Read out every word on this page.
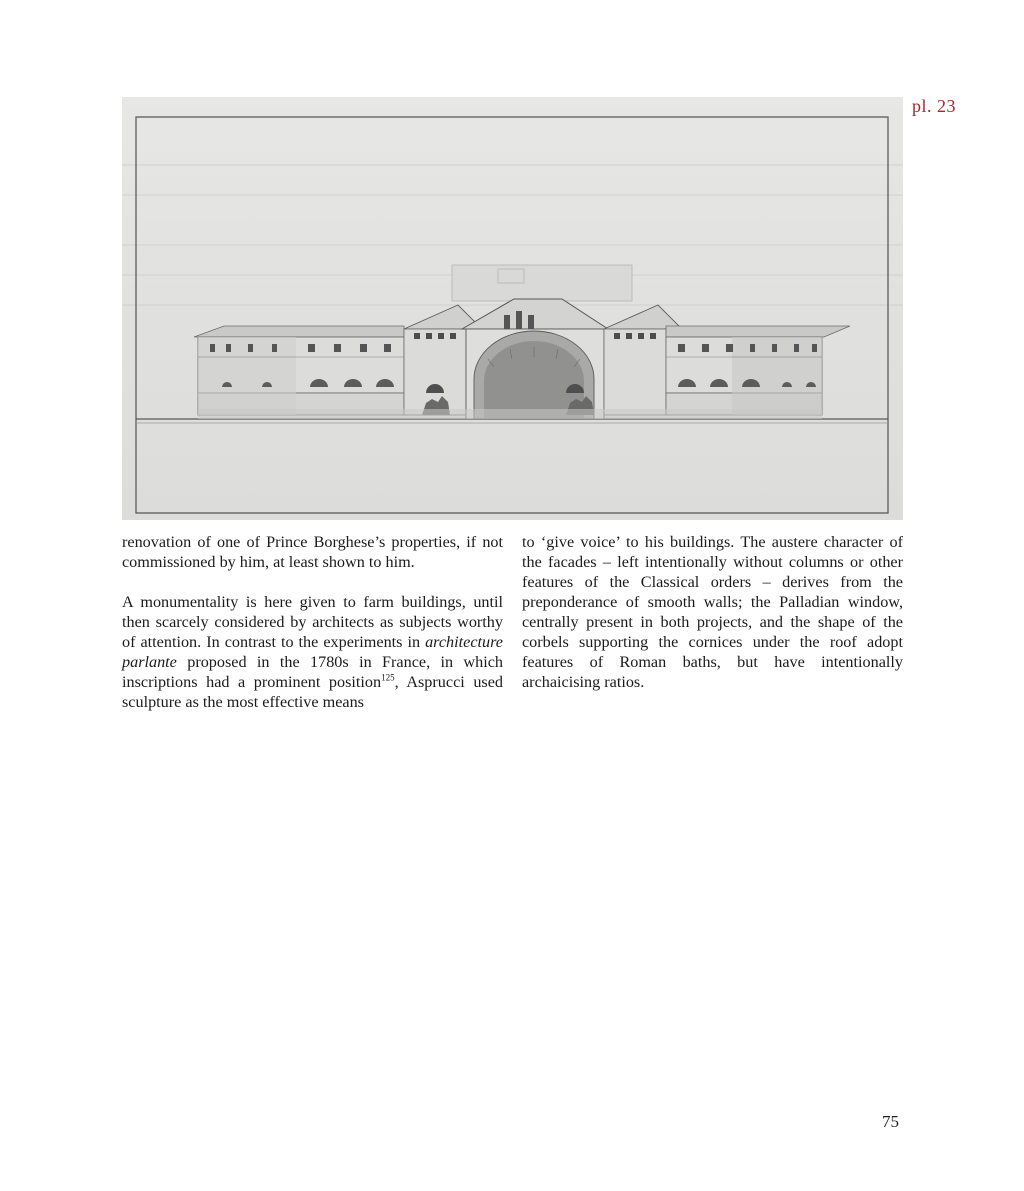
pl. 23

renovation of one of Prince Borghese’s properties, if not commissioned by him, at least shown to him.

A monumentality is here given to farm buildings, until then scarcely considered by architects as subjects worthy of attention. In contrast to the experiments in architecture parlante proposed in the 1780s in France, in which inscriptions had a prominent position$^{125}$, Asprucci used sculpture as the most effective means

to ‘give voice’ to his buildings. The austere character of the facades – left intentionally without columns or other features of the Classical orders – derives from the preponderance of smooth walls; the Palladian window, centrally present in both projects, and the shape of the corbels supporting the cornices under the roof adopt features of Roman baths, but have intentionally archaicising ratios.

75
